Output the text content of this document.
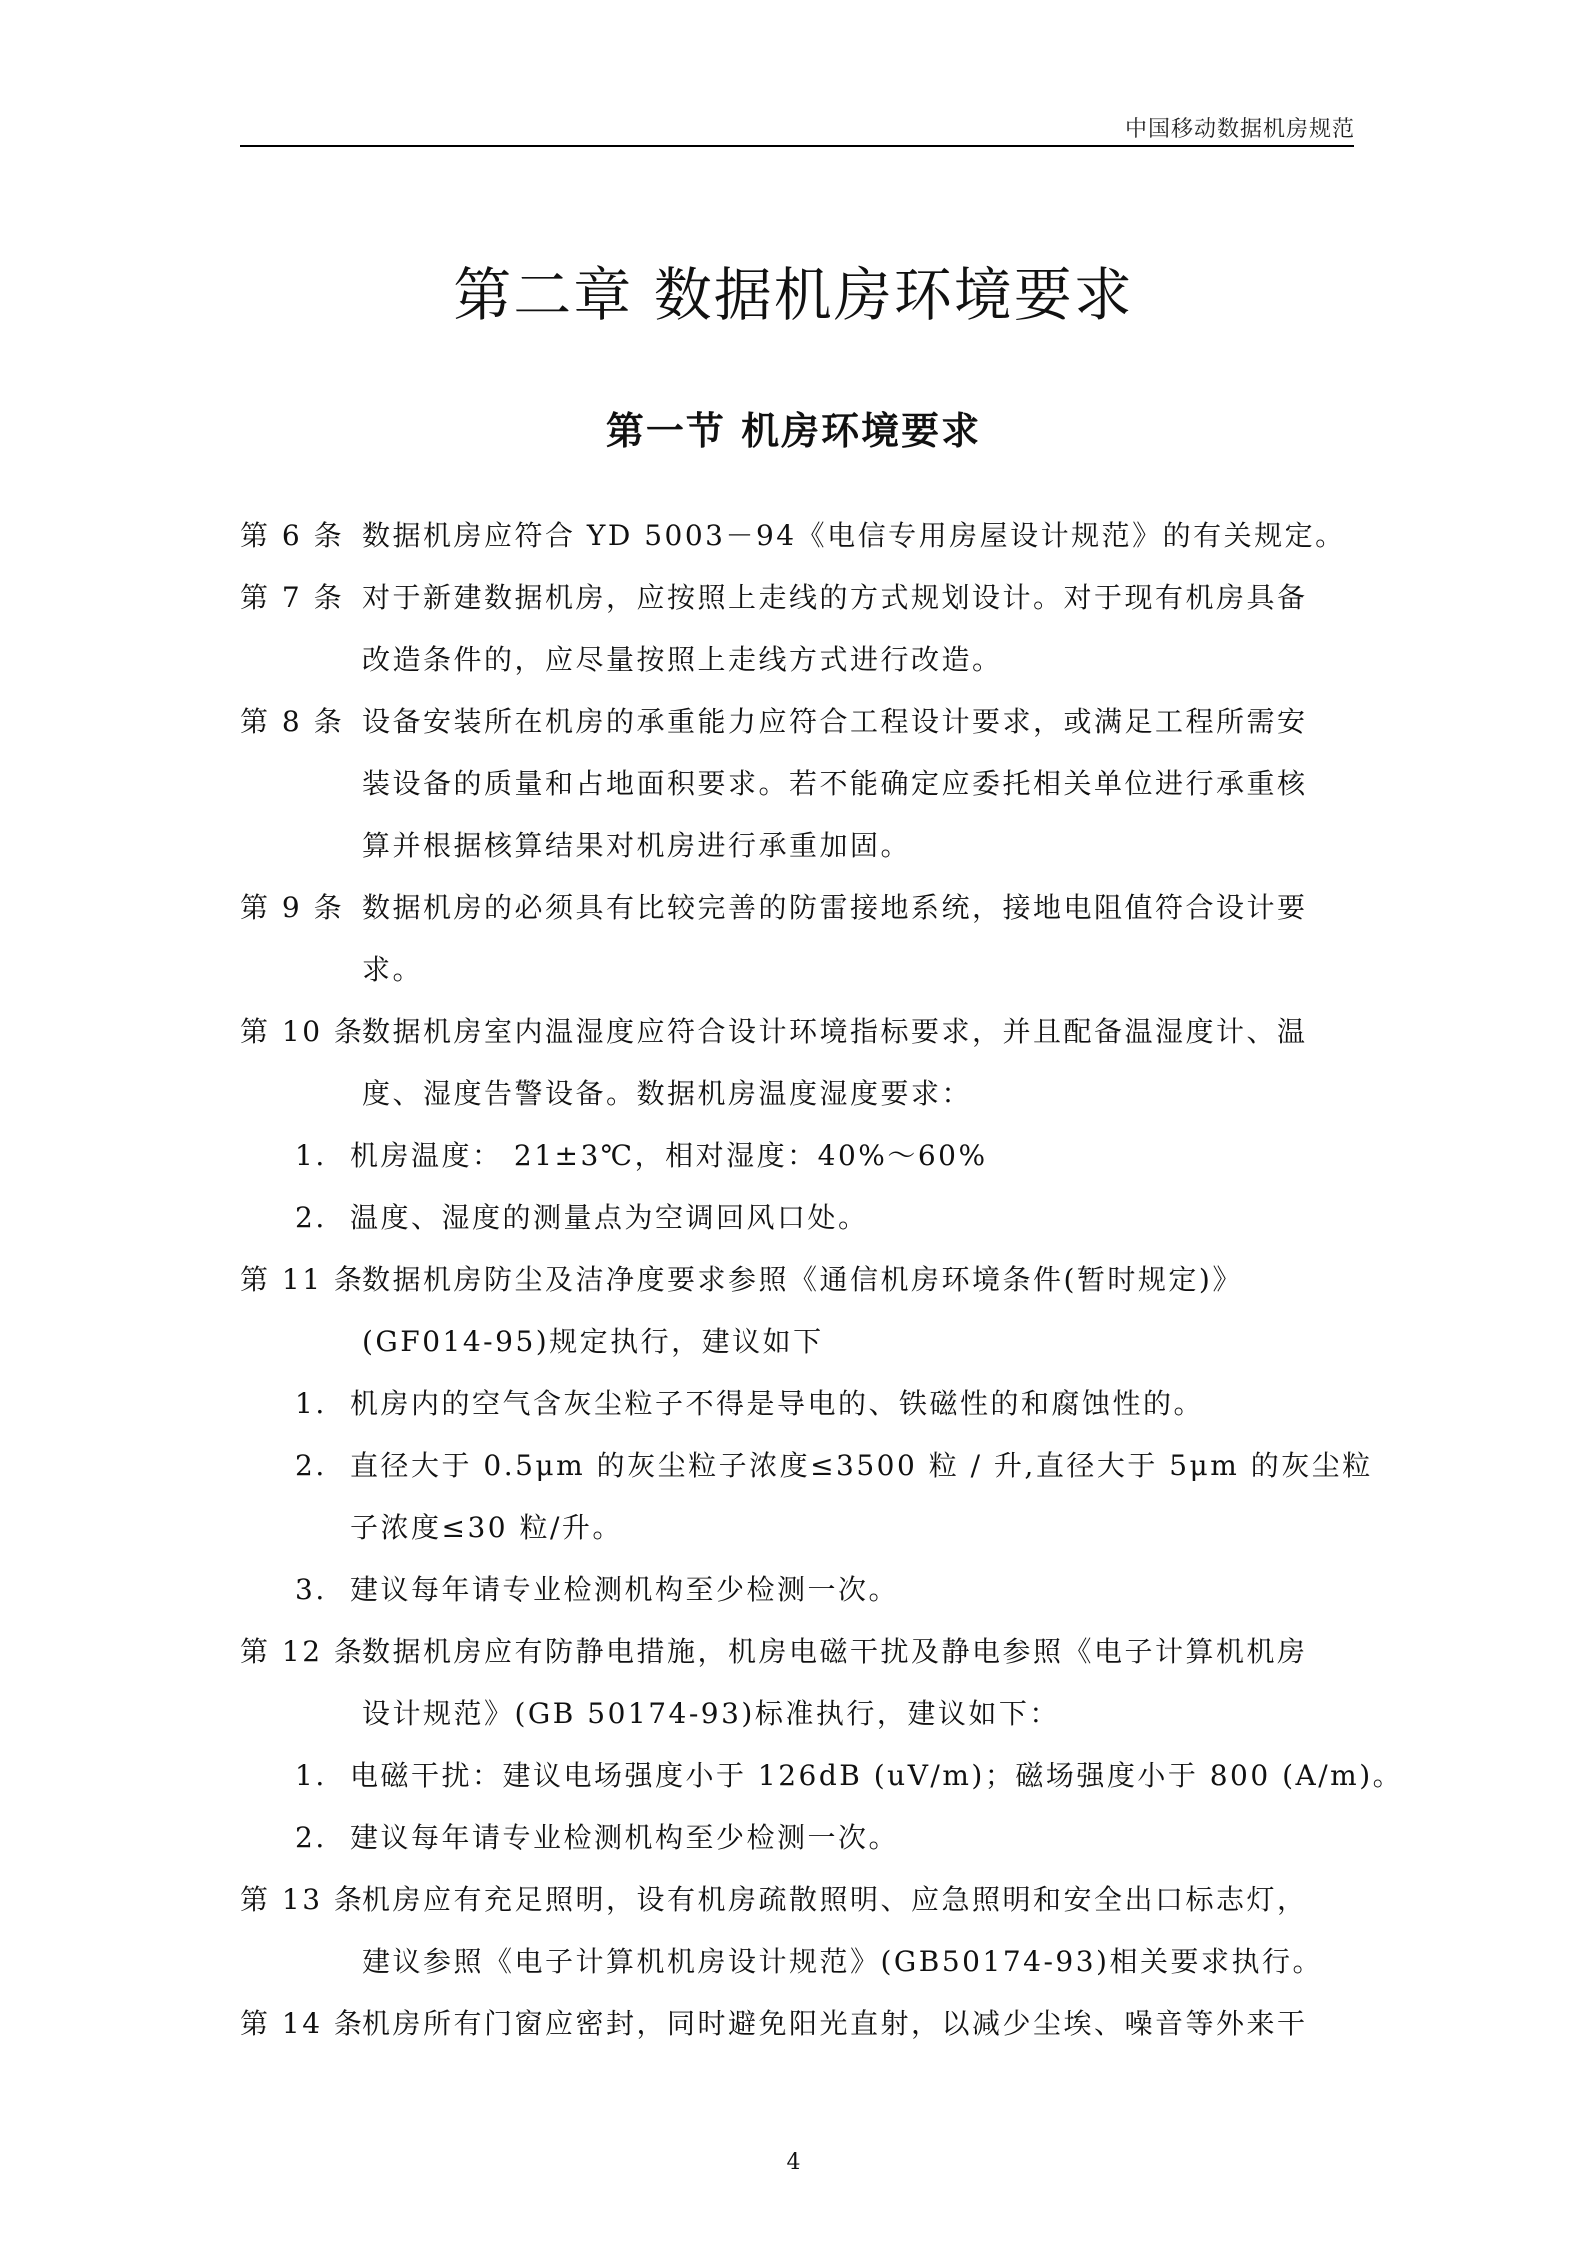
中国移动数据机房规范
第二章 数据机房环境要求
第一节 机房环境要求
第 6 条 数据机房应符合 YD 5003－94《电信专用房屋设计规范》的有关规定。
第 7 条 对于新建数据机房，应按照上走线的方式规划设计。对于现有机房具备
改造条件的，应尽量按照上走线方式进行改造。
第 8 条 设备安装所在机房的承重能力应符合工程设计要求，或满足工程所需安
装设备的质量和占地面积要求。若不能确定应委托相关单位进行承重核
算并根据核算结果对机房进行承重加固。
第 9 条 数据机房的必须具有比较完善的防雷接地系统，接地电阻值符合设计要
求。
第 10 条数据机房室内温湿度应符合设计环境指标要求，并且配备温湿度计、温
度、湿度告警设备。数据机房温度湿度要求：
1. 机房温度： 21±3℃，相对湿度：40%～60%
2. 温度、湿度的测量点为空调回风口处。
第 11 条数据机房防尘及洁净度要求参照《通信机房环境条件(暂时规定)》
(GF014-95)规定执行，建议如下
1. 机房内的空气含灰尘粒子不得是导电的、铁磁性的和腐蚀性的。
2. 直径大于 0.5μm 的灰尘粒子浓度≤3500 粒 / 升,直径大于 5μm 的灰尘粒
子浓度≤30 粒/升。
3. 建议每年请专业检测机构至少检测一次。
第 12 条数据机房应有防静电措施，机房电磁干扰及静电参照《电子计算机机房
设计规范》(GB 50174-93)标准执行，建议如下：
1. 电磁干扰：建议电场强度小于 126dB (uV/m)；磁场强度小于 800 (A/m)。
2. 建议每年请专业检测机构至少检测一次。
第 13 条机房应有充足照明，设有机房疏散照明、应急照明和安全出口标志灯，
建议参照《电子计算机机房设计规范》(GB50174-93)相关要求执行。
第 14 条机房所有门窗应密封，同时避免阳光直射，以减少尘埃、噪音等外来干
4
